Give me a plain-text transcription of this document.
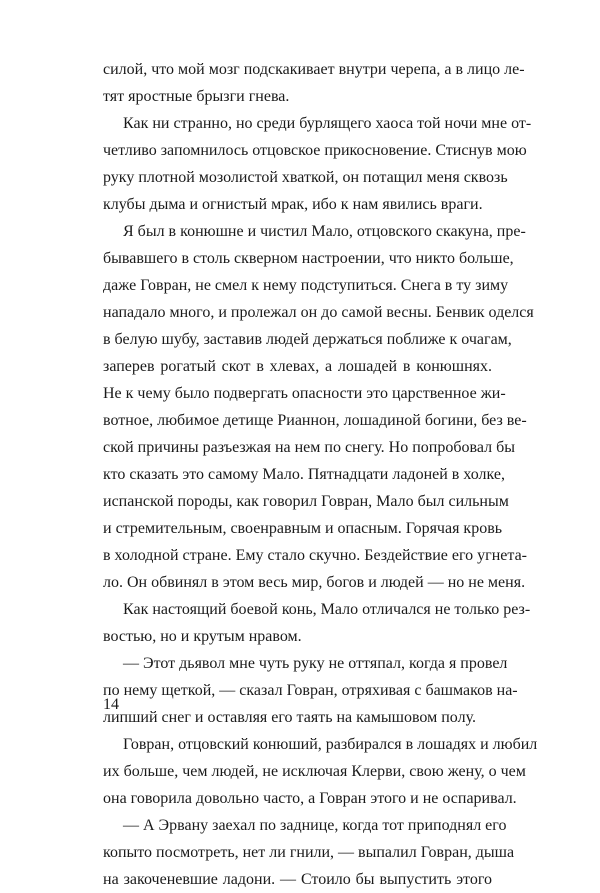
силой, что мой мозг подскакивает внутри черепа, а в лицо ле-
тят яростные брызги гнева.
Как ни странно, но среди бурлящего хаоса той ночи мне от-
четливо запомнилось отцовское прикосновение. Стиснув мою
руку плотной мозолистой хваткой, он потащил меня сквозь
клубы дыма и огнистый мрак, ибо к нам явились враги.
Я был в конюшне и чистил Мало, отцовского скакуна, пре-
бывавшего в столь скверном настроении, что никто больше,
даже Говран, не смел к нему подступиться. Снега в ту зиму
нападало много, и пролежал он до самой весны. Бенвик оделся
в белую шубу, заставив людей держаться поближе к очагам,
заперев рогатый скот в хлевах, а лошадей в конюшнях.
Не к чему было подвергать опасности это царственное жи-
вотное, любимое детище Рианнон, лошадиной богини, без ве-
ской причины разъезжая на нем по снегу. Но попробовал бы
кто сказать это самому Мало. Пятнадцати ладоней в холке,
испанской породы, как говорил Говран, Мало был сильным
и стремительным, своенравным и опасным. Горячая кровь
в холодной стране. Ему стало скучно. Бездействие его угнета-
ло. Он обвинял в этом весь мир, богов и людей — но не меня.
Как настоящий боевой конь, Мало отличался не только рез-
востью, но и крутым нравом.
— Этот дьявол мне чуть руку не оттяпал, когда я провел
по нему щеткой, — сказал Говран, отряхивая с башмаков на-
липший снег и оставляя его таять на камышовом полу.
Говран, отцовский конюший, разбирался в лошадях и любил
их больше, чем людей, не исключая Клерви, свою жену, о чем
она говорила довольно часто, а Говран этого и не оспаривал.
— А Эрвану заехал по заднице, когда тот приподнял его
копыто посмотреть, нет ли гнили, — выпалил Говран, дыша
на закоченевшие ладони. — Стоило бы выпустить этого
14
